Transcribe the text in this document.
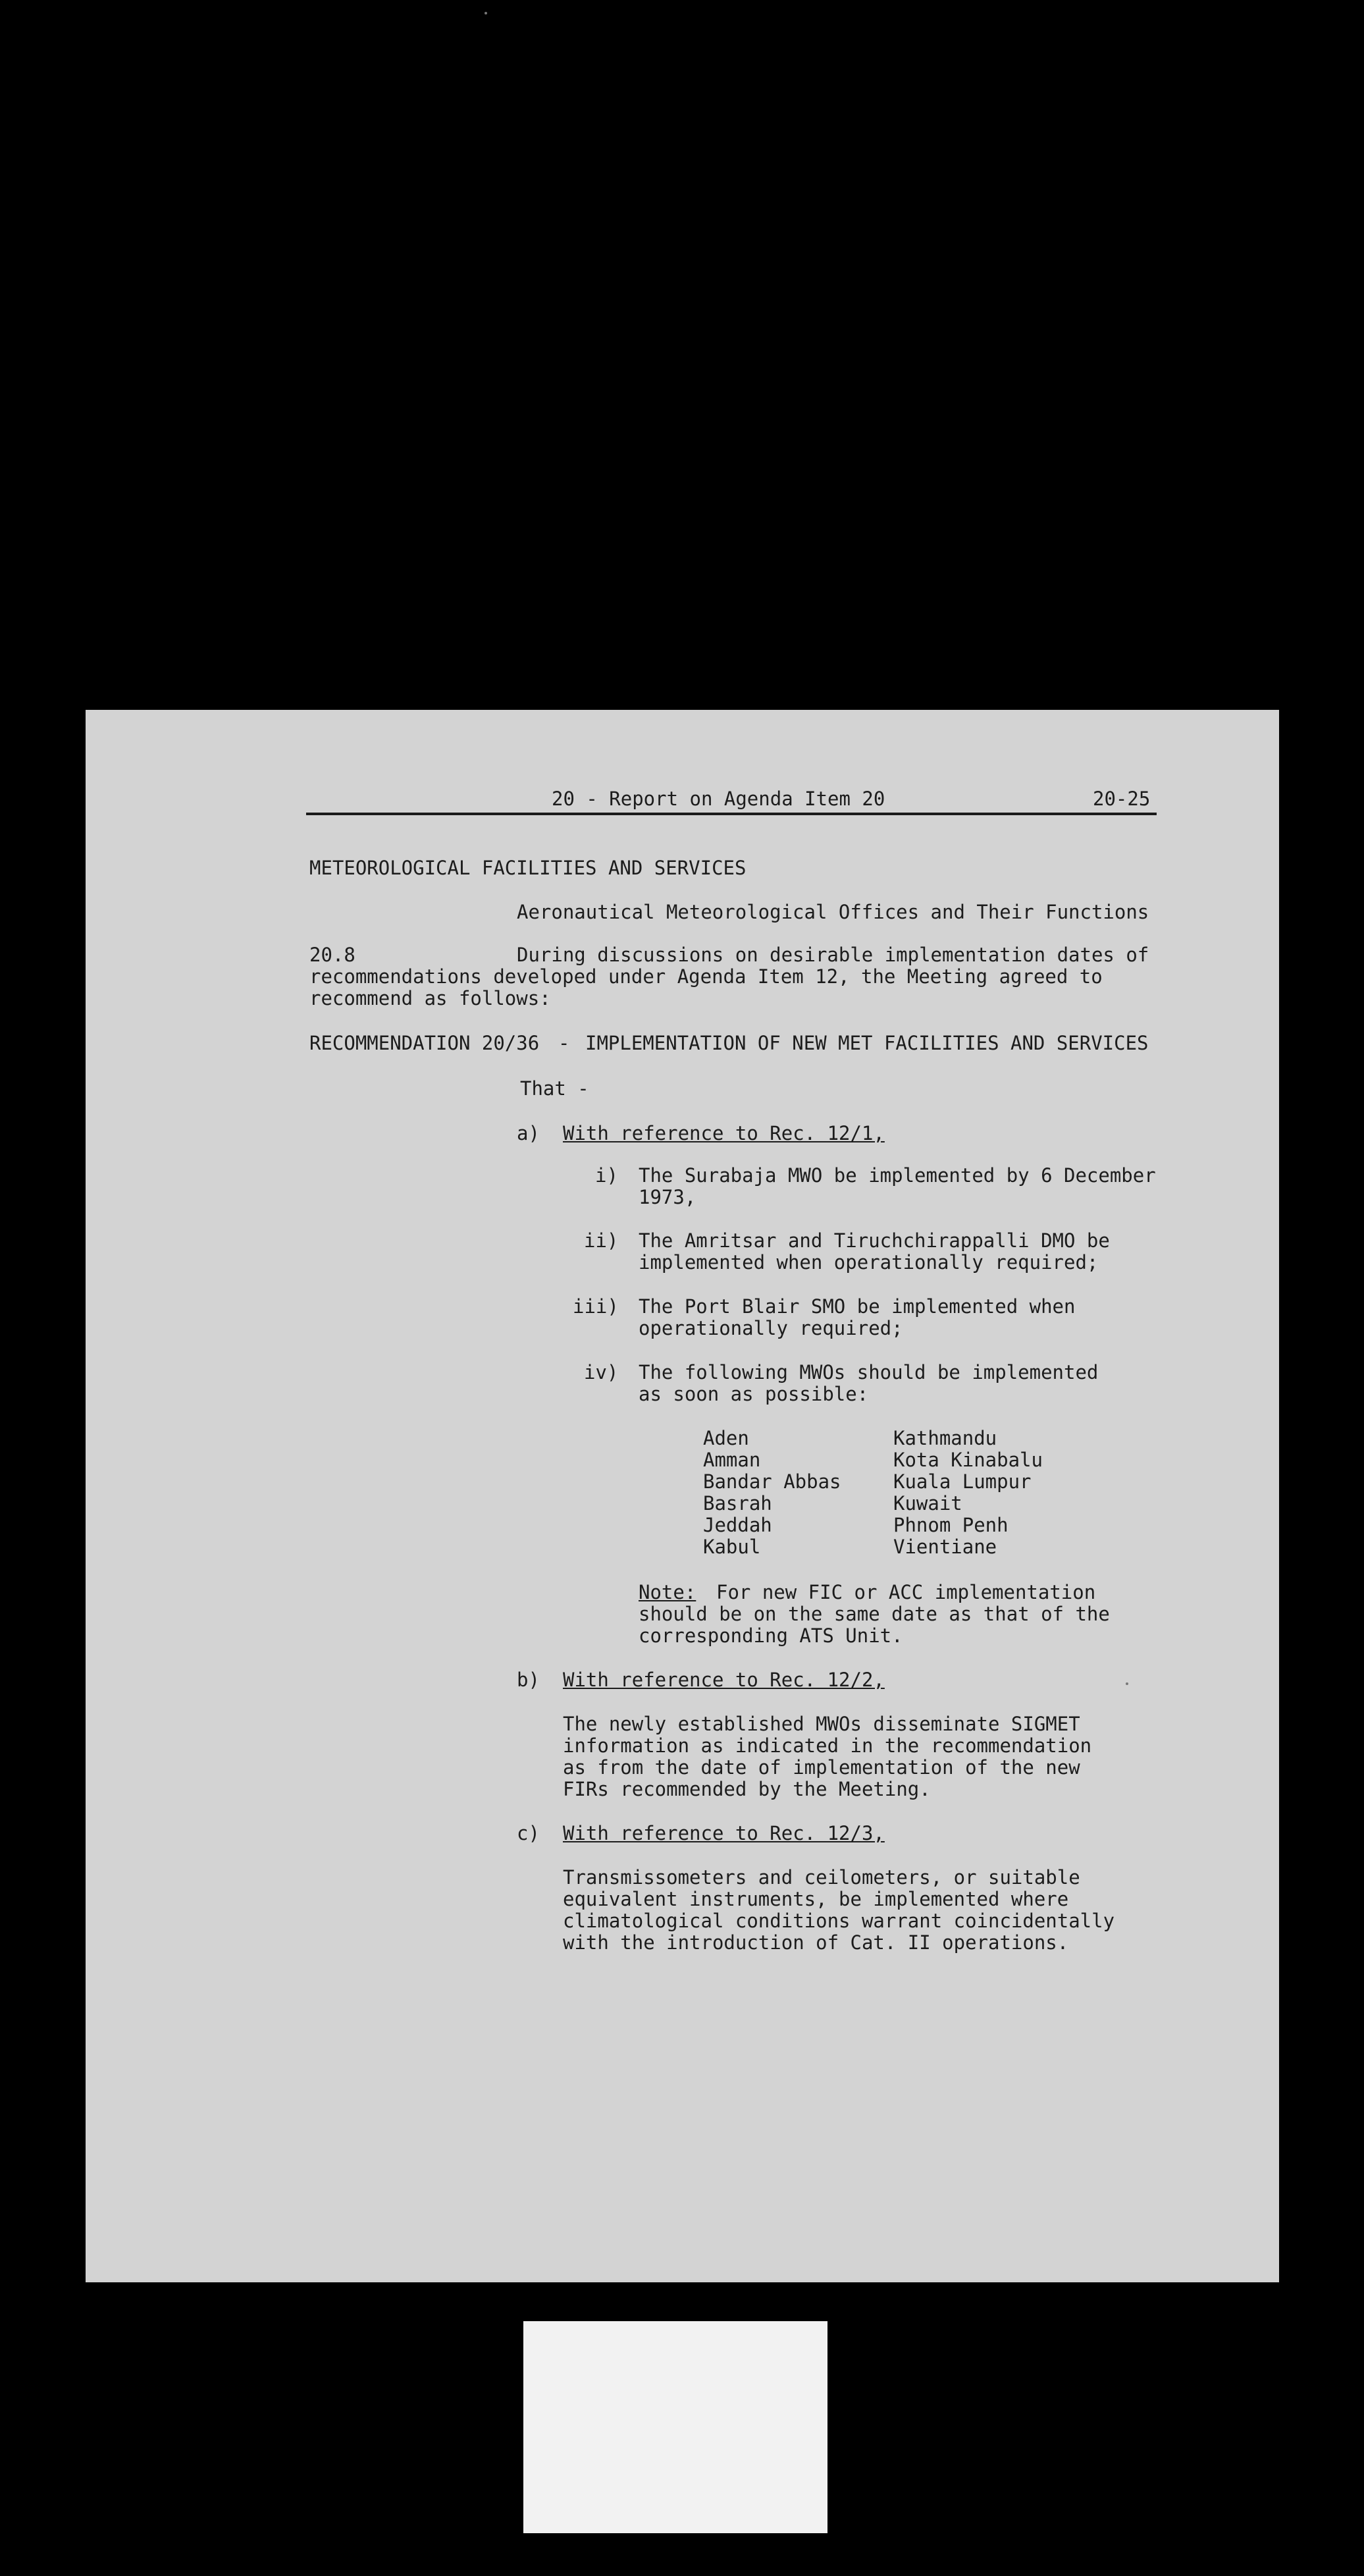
20 - Report on Agenda Item 20	20-25

METEOROLOGICAL FACILITIES AND SERVICES

Aeronautical Meteorological Offices and Their Functions

20.8	During discussions on desirable implementation dates of

recommendations developed under Agenda Item 12, the Meeting agreed to

recommend as follows:

RECOMMENDATION 20/36 - IMPLEMENTATION OF NEW MET FACILITIES AND SERVICES

That -

a) With reference to Rec. 12/1,

i) The Surabaja MWO be implemented by 6 December

1973,

ii) The Amritsar and Tiruchchirappalli DMO be

implemented when operationally required;

iii) The Port Blair SMO be implemented when

operationally required;

iv) The following MWOs should be implemented

as soon as possible:

Aden

Amman

Bandar Abbas

Basrah

Jeddah

Kabul

Kathmandu

Kota Kinabalu

Kuala Lumpur

Kuwait

Phnom Penh

Vientiane

Note: For new FIC or ACC implementation

should be on the same date as that of the

corresponding ATS Unit.

b) With reference to Rec. 12/2,

The newly established MWOs disseminate SIGMET

information as indicated in the recommendation

as from the date of implementation of the new

FIRs recommended by the Meeting.

c) With reference to Rec. 12/3,

Transmissometers and ceilometers, or suitable

equivalent instruments, be implemented where

climatological conditions warrant coincidentally

with the introduction of Cat. II operations.
